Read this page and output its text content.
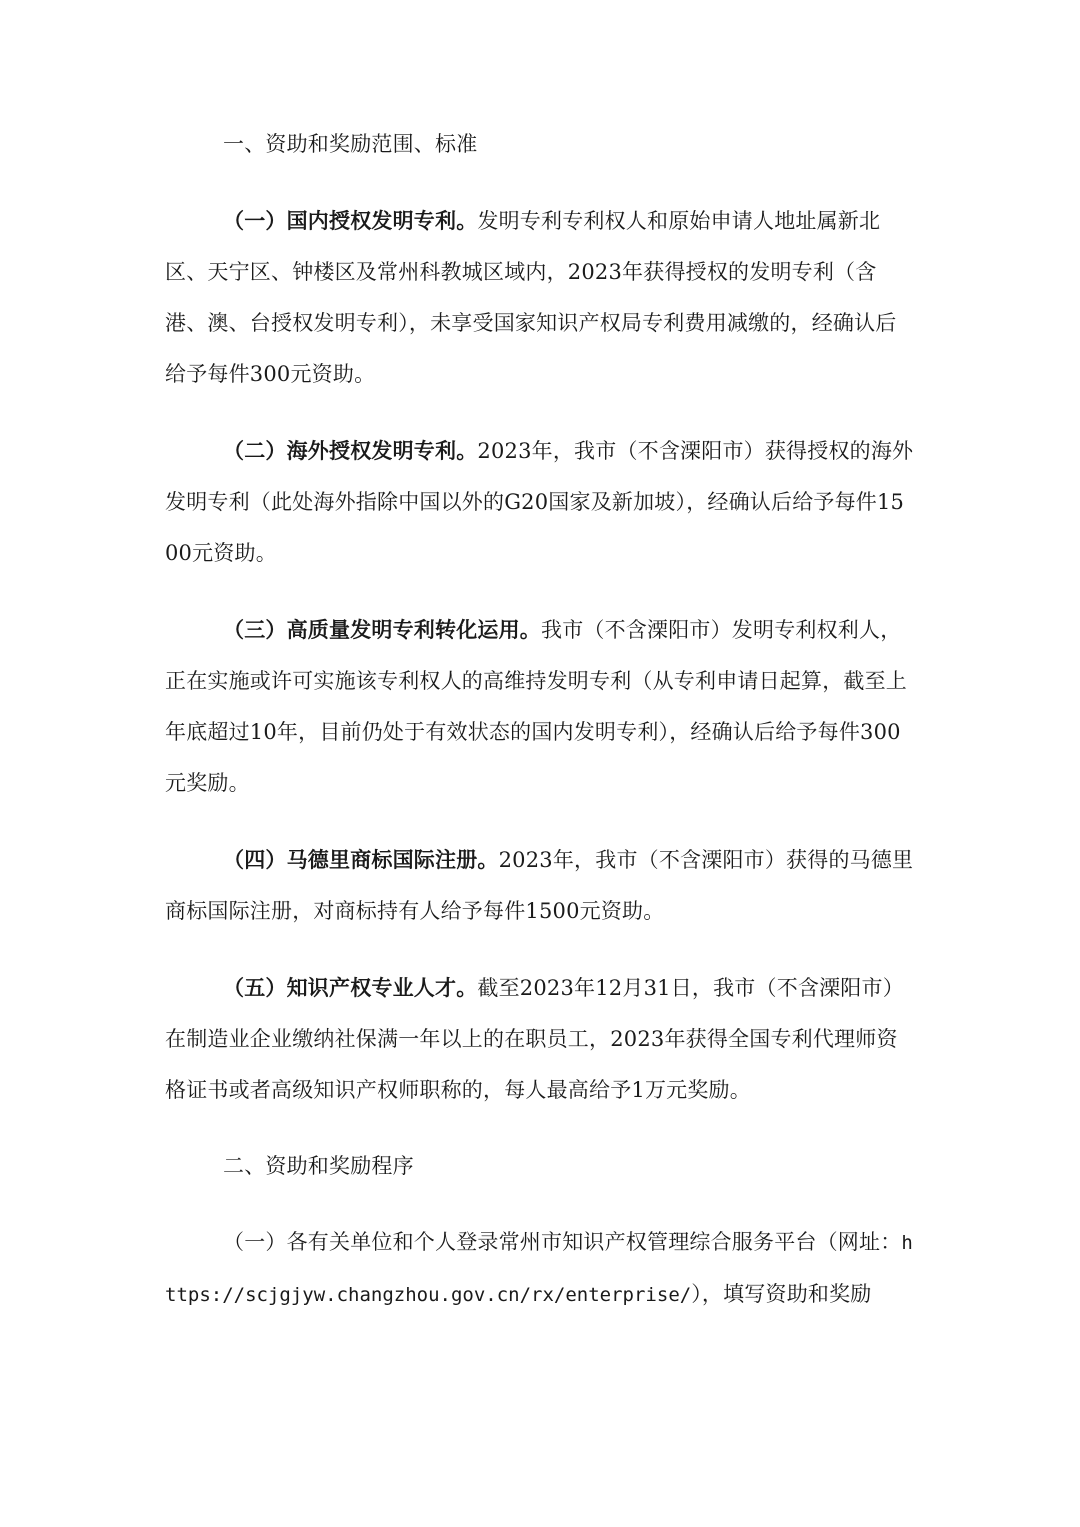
一、资助和奖励范围、标准

（一）国内授权发明专利。发明专利专利权人和原始申请人地址属新北区、天宁区、钟楼区及常州科教城区域内，2023年获得授权的发明专利（含港、澳、台授权发明专利），未享受国家知识产权局专利费用减缴的，经确认后给予每件300元资助。

（二）海外授权发明专利。2023年，我市（不含溧阳市）获得授权的海外发明专利（此处海外指除中国以外的G20国家及新加坡），经确认后给予每件1500元资助。

（三）高质量发明专利转化运用。我市（不含溧阳市）发明专利权利人，正在实施或许可实施该专利权人的高维持发明专利（从专利申请日起算，截至上年底超过10年，目前仍处于有效状态的国内发明专利），经确认后给予每件300元奖励。

（四）马德里商标国际注册。2023年，我市（不含溧阳市）获得的马德里商标国际注册，对商标持有人给予每件1500元资助。

（五）知识产权专业人才。截至2023年12月31日，我市（不含溧阳市）在制造业企业缴纳社保满一年以上的在职员工，2023年获得全国专利代理师资格证书或者高级知识产权师职称的，每人最高给予1万元奖励。

二、资助和奖励程序

（一）各有关单位和个人登录常州市知识产权管理综合服务平台（网址：https://scjgjyw.changzhou.gov.cn/rx/enterprise/），填写资助和奖励
